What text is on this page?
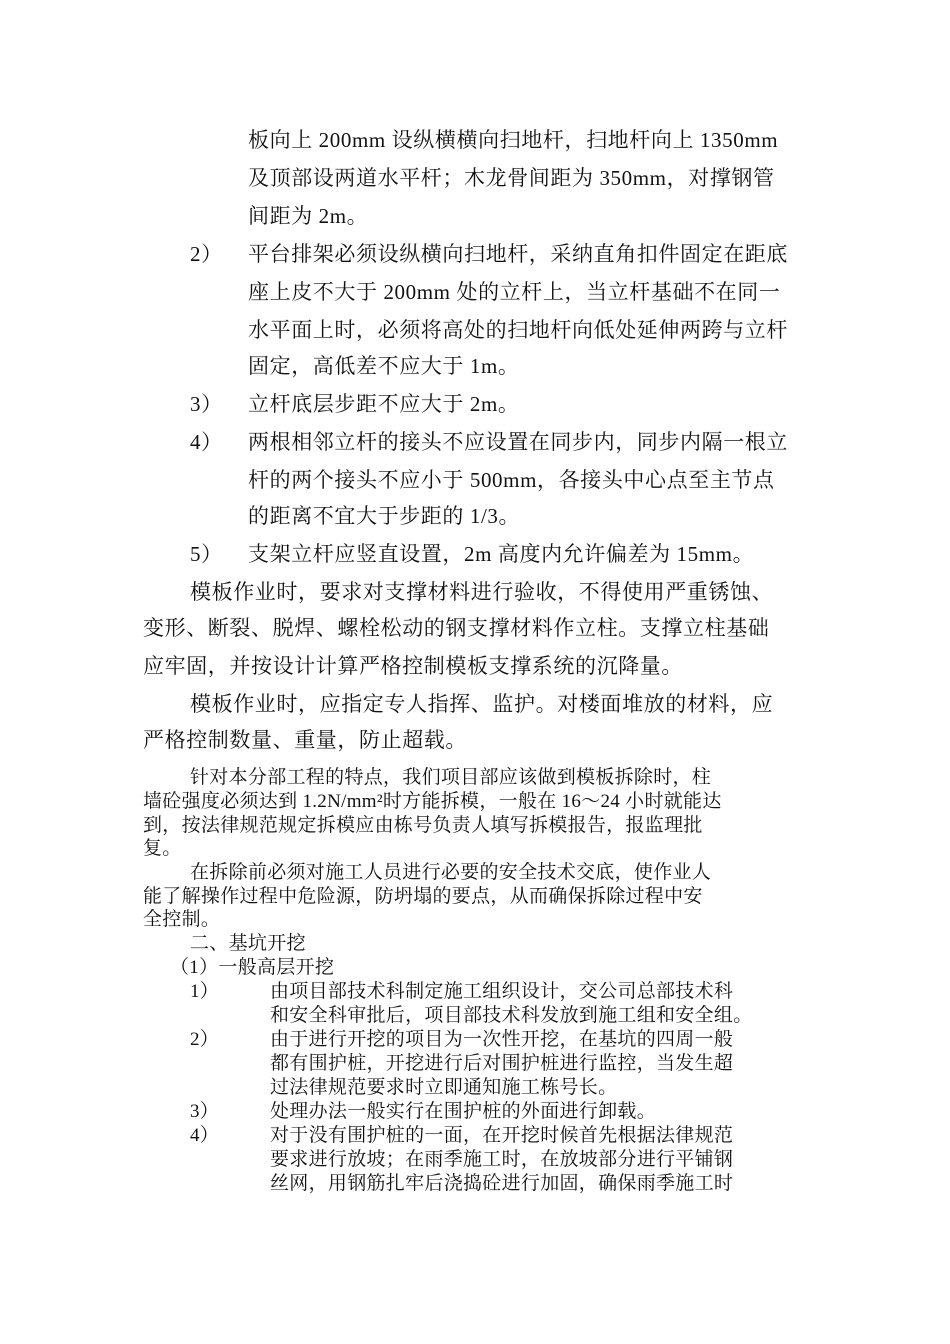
板向上 200mm 设纵横横向扫地杆，扫地杆向上 1350mm
及顶部设两道水平杆；木龙骨间距为 350mm，对撑钢管
间距为 2m。
2） 平台排架必须设纵横向扫地杆，采纳直角扣件固定在距底
座上皮不大于 200mm 处的立杆上，当立杆基础不在同一
水平面上时，必须将高处的扫地杆向低处延伸两跨与立杆
固定，高低差不应大于 1m。
3） 立杆底层步距不应大于 2m。
4） 两根相邻立杆的接头不应设置在同步内，同步内隔一根立
杆的两个接头不应小于 500mm，各接头中心点至主节点
的距离不宜大于步距的 1/3。
5） 支架立杆应竖直设置，2m 高度内允许偏差为 15mm。
模板作业时，要求对支撑材料进行验收，不得使用严重锈蚀、
变形、断裂、脱焊、螺栓松动的钢支撑材料作立柱。支撑立柱基础
应牢固，并按设计计算严格控制模板支撑系统的沉降量。
模板作业时，应指定专人指挥、监护。对楼面堆放的材料，应
严格控制数量、重量，防止超载。
针对本分部工程的特点，我们项目部应该做到模板拆除时，柱
墙砼强度必须达到 1.2N/mm²时方能拆模，一般在 16～24 小时就能达
到，按法律规范规定拆模应由栋号负责人填写拆模报告，报监理批
复。
在拆除前必须对施工人员进行必要的安全技术交底，使作业人
能了解操作过程中危险源，防坍塌的要点，从而确保拆除过程中安
全控制。
二、基坑开挖
（1）一般高层开挖
1）	由项目部技术科制定施工组织设计，交公司总部技术科
和安全科审批后，项目部技术科发放到施工组和安全组。
2）	由于进行开挖的项目为一次性开挖，在基坑的四周一般
都有围护桩，开挖进行后对围护桩进行监控，当发生超
过法律规范要求时立即通知施工栋号长。
3）	处理办法一般实行在围护桩的外面进行卸载。
4）	对于没有围护桩的一面，在开挖时候首先根据法律规范
要求进行放坡；在雨季施工时，在放坡部分进行平铺钢
丝网，用钢筋扎牢后浇捣砼进行加固，确保雨季施工时
